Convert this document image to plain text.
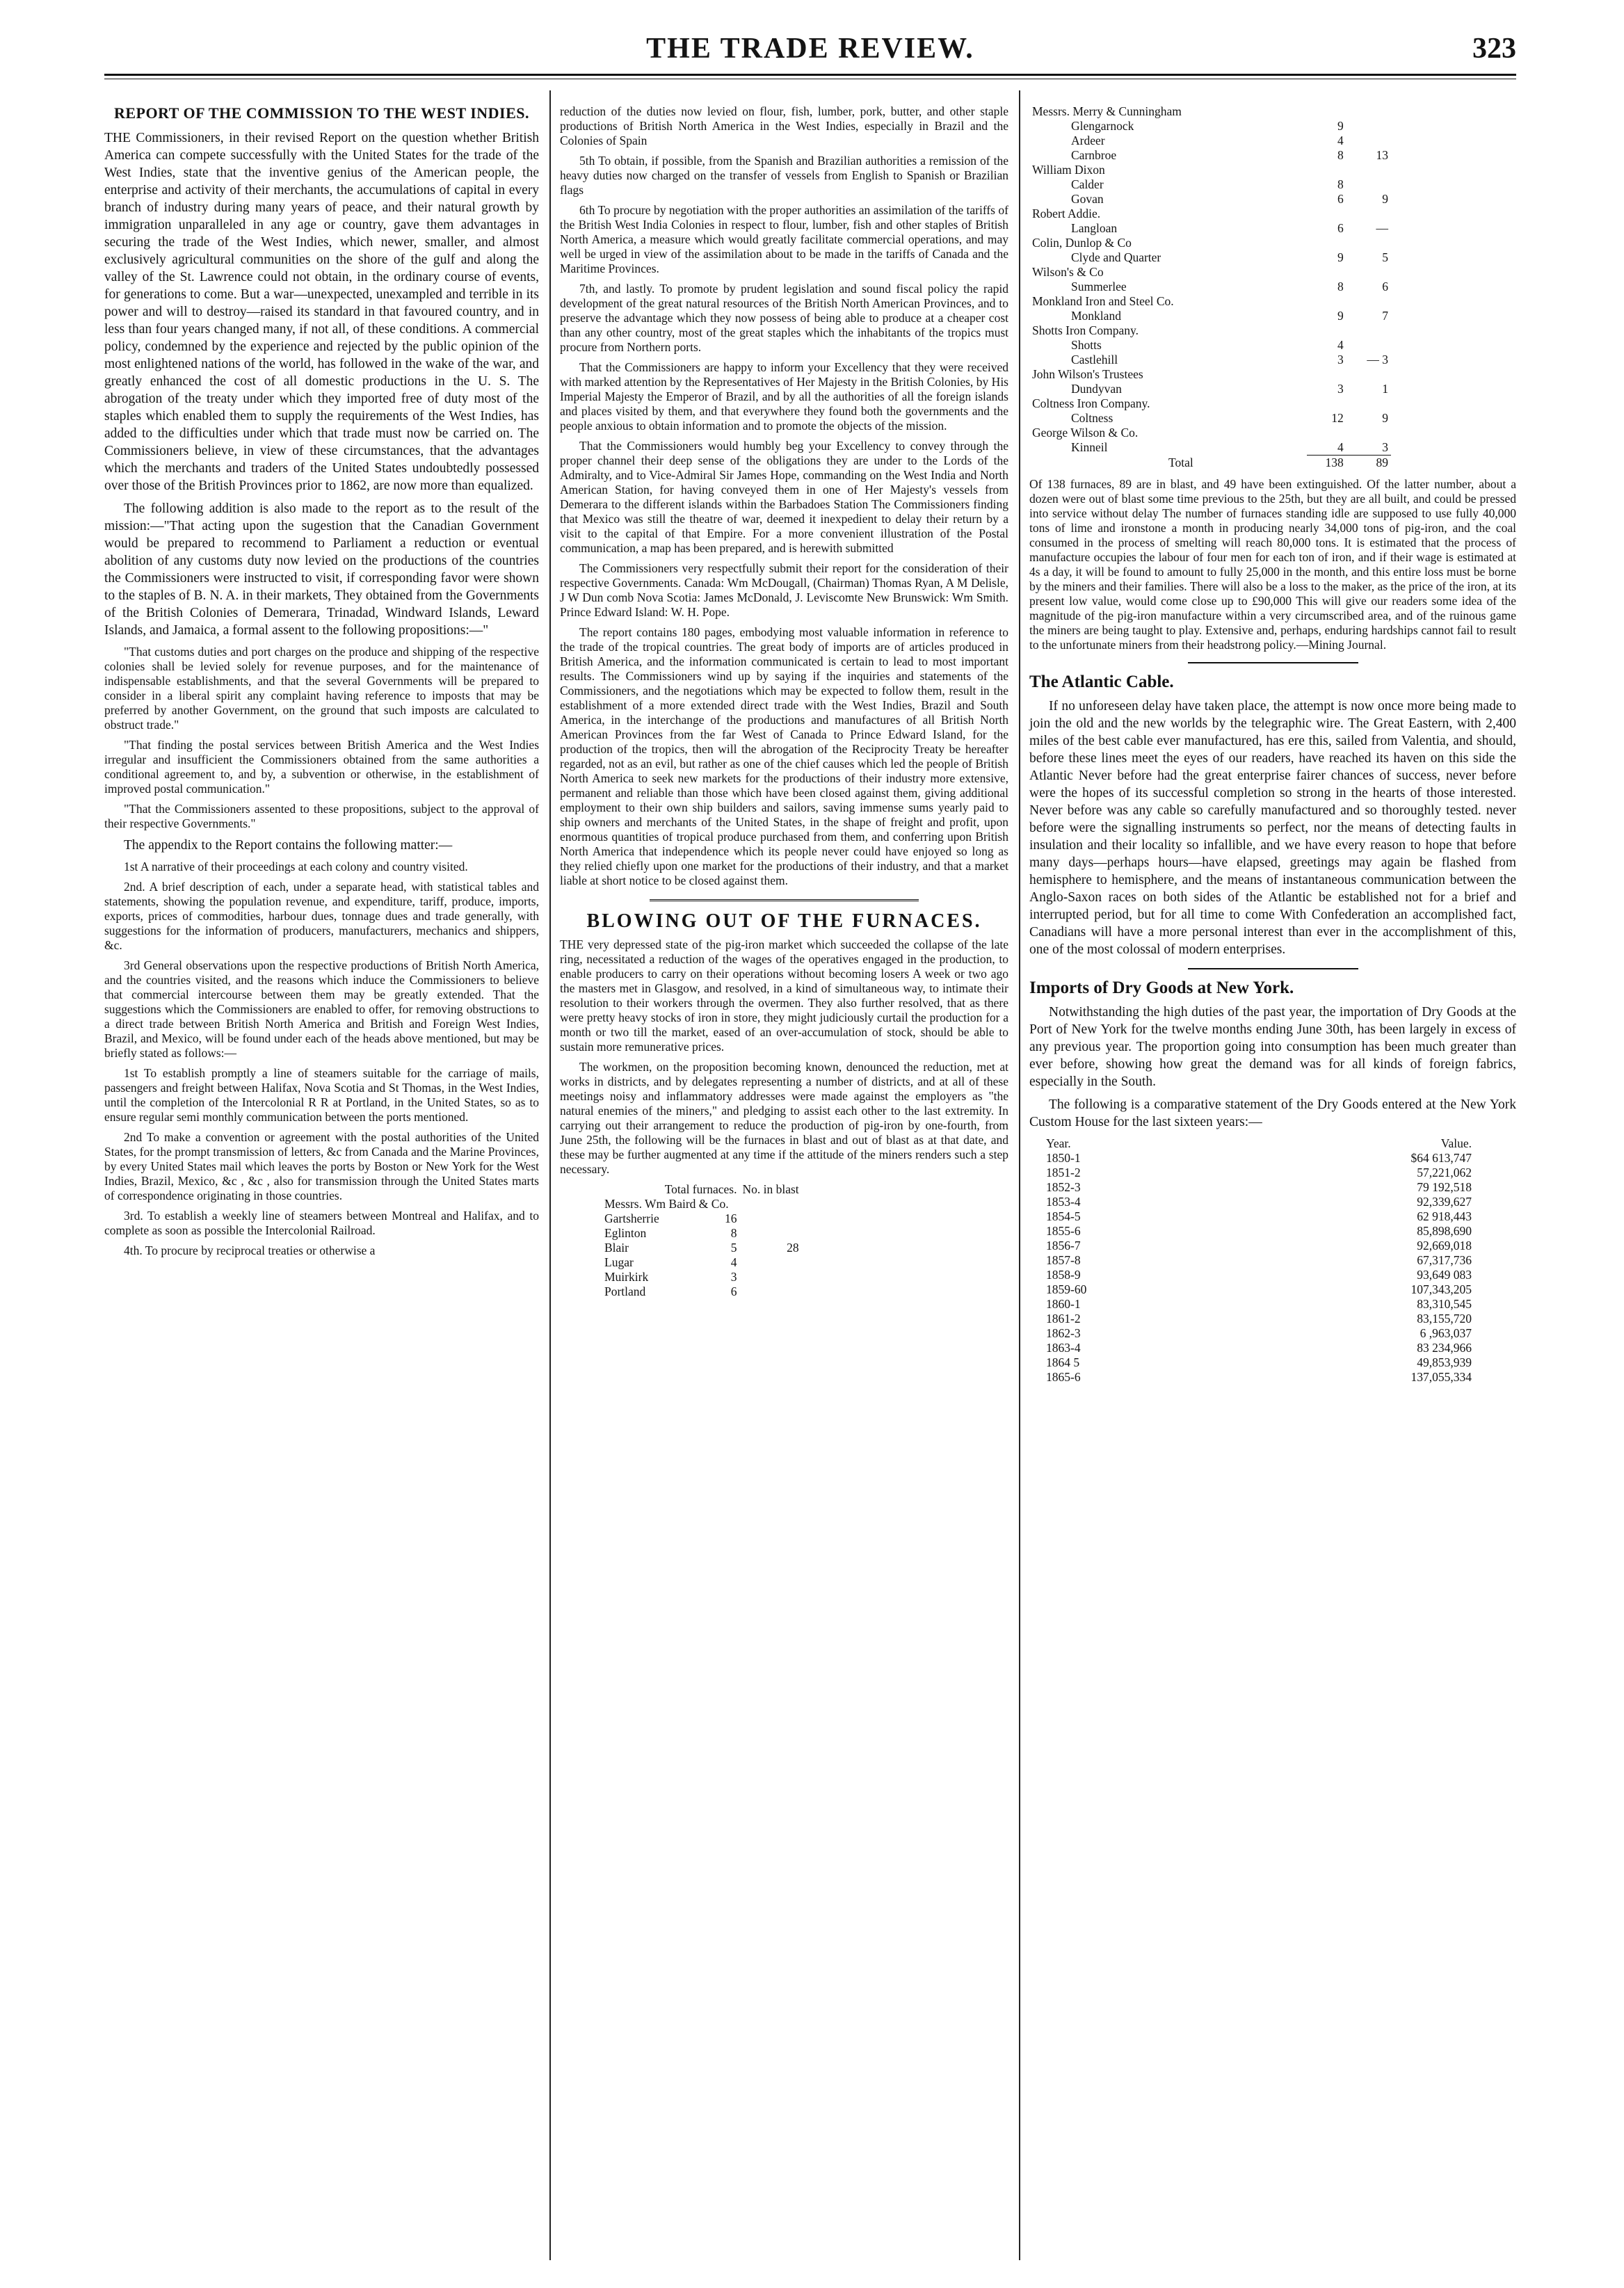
THE TRADE REVIEW.	323
REPORT OF THE COMMISSION TO THE WEST INDIES.

THE Commissioners, in their revised Report on the question whether British America can compete successfully with the United States for the trade of the West Indies, state that the inventive genius of the American people, the enterprise and activity of their merchants, the accumulations of capital in every branch of industry during many years of peace, and their natural growth by immigration unparalleled in any age or country, gave them advantages in securing the trade of the West Indies, which newer, smaller, and almost exclusively agricultural communities on the shore of the gulf and along the valley of the St. Lawrence could not obtain, in the ordinary course of events, for generations to come. But a war—unexpected, unexampled and terrible in its power and will to destroy—raised its standard in that favoured country, and in less than four years changed many, if not all, of these conditions. A commercial policy, condemned by the experience and rejected by the public opinion of the most enlightened nations of the world, has followed in the wake of the war, and greatly enhanced the cost of all domestic productions in the U. S. The abrogation of the treaty under which they imported free of duty most of the staples which enabled them to supply the requirements of the West Indies, has added to the difficulties under which that trade must now be carried on. The Commissioners believe, in view of these circumstances, that the advantages which the merchants and traders of the United States undoubtedly possessed over those of the British Provinces prior to 1862, are now more than equalized.

The following addition is also made to the report as to the result of the mission:—"That acting upon the sugestion that the Canadian Government would be prepared to recommend to Parliament a reduction or eventual abolition of any customs duty now levied on the productions of the countries the Commissioners were instructed to visit, if corresponding favor were shown to the staples of B. N. A. in their markets, They obtained from the Governments of the British Colonies of Demerara, Trinadad, Windward Islands, Leward Islands, and Jamaica, a formal assent to the following propositions:—"

"That customs duties and port charges on the produce and shipping of the respective colonies shall be levied solely for revenue purposes, and for the maintenance of indispensable establishments, and that the several Governments will be prepared to consider in a liberal spirit any complaint having reference to imposts that may be preferred by another Government, on the ground that such imposts are calculated to obstruct trade."

"That finding the postal services between British America and the West Indies irregular and insufficient the Commissioners obtained from the same authorities a conditional agreement to, and by, a subvention or otherwise, in the establishment of improved postal communication."

"That the Commissioners assented to these propositions, subject to the approval of their respective Governments."

The appendix to the Report contains the following matter:—

1st A narrative of their proceedings at each colony and country visited.

2nd. A brief description of each, under a separate head, with statistical tables and statements, showing the population revenue, and expenditure, tariff, produce, imports, exports, prices of commodities, harbour dues, tonnage dues and trade generally, with suggestions for the information of producers, manufacturers, mechanics and shippers, &c.

3rd General observations upon the respective productions of British North America, and the countries visited, and the reasons which induce the Commissioners to believe that commercial intercourse between them may be greatly extended. That the suggestions which the Commissioners are enabled to offer, for removing obstructions to a direct trade between British North America and British and Foreign West Indies, Brazil, and Mexico, will be found under each of the heads above mentioned, but may be briefly stated as follows:—

1st To establish promptly a line of steamers suitable for the carriage of mails, passengers and freight between Halifax, Nova Scotia and St Thomas, in the West Indies, until the completion of the Intercolonial R R at Portland, in the United States, so as to ensure regular semi monthly communication between the ports mentioned.

2nd To make a convention or agreement with the postal authorities of the United States, for the prompt transmission of letters, &c from Canada and the Marine Provinces, by every United States mail which leaves the ports by Boston or New York for the West Indies, Brazil, Mexico, &c , &c , also for transmission through the United States marts of correspondence originating in those countries.

3rd. To establish a weekly line of steamers between Montreal and Halifax, and to complete as soon as possible the Intercolonial Railroad.

4th. To procure by reciprocal treaties or otherwise a

reduction of the duties now levied on flour, fish, lumber, pork, butter, and other staple productions of British North America in the West Indies, especially in Brazil and the Colonies of Spain

5th To obtain, if possible, from the Spanish and Brazilian authorities a remission of the heavy duties now charged on the transfer of vessels from English to Spanish or Brazilian flags

6th To procure by negotiation with the proper authorities an assimilation of the tariffs of the British West India Colonies in respect to flour, lumber, fish and other staples of British North America, a measure which would greatly facilitate commercial operations, and may well be urged in view of the assimilation about to be made in the tariffs of Canada and the Maritime Provinces.

7th, and lastly. To promote by prudent legislation and sound fiscal policy the rapid development of the great natural resources of the British North American Provinces, and to preserve the advantage which they now possess of being able to produce at a cheaper cost than any other country, most of the great staples which the inhabitants of the tropics must procure from Northern ports.

That the Commissioners are happy to inform your Excellency that they were received with marked attention by the Representatives of Her Majesty in the British Colonies, by His Imperial Majesty the Emperor of Brazil, and by all the authorities of all the foreign islands and places visited by them, and that everywhere they found both the governments and the people anxious to obtain information and to promote the objects of the mission.

That the Commissioners would humbly beg your Excellency to convey through the proper channel their deep sense of the obligations they are under to the Lords of the Admiralty, and to Vice-Admiral Sir James Hope, commanding on the West India and North American Station, for having conveyed them in one of Her Majesty's vessels from Demerara to the different islands within the Barbadoes Station The Commissioners finding that Mexico was still the theatre of war, deemed it inexpedient to delay their return by a visit to the capital of that Empire. For a more convenient illustration of the Postal communication, a map has been prepared, and is herewith submitted

The Commissioners very respectfully submit their report for the consideration of their respective Governments. Canada: Wm McDougall, (Chairman) Thomas Ryan, A M Delisle, J W Dun comb Nova Scotia: James McDonald, J. Leviscomte New Brunswick: Wm Smith. Prince Edward Island: W. H. Pope.

The report contains 180 pages, embodying most valuable information in reference to the trade of the tropical countries. The great body of imports are of articles produced in British America, and the information communicated is certain to lead to most important results. The Commissioners wind up by saying if the inquiries and statements of the Commissioners, and the negotiations which may be expected to follow them, result in the establishment of a more extended direct trade with the West Indies, Brazil and South America, in the interchange of the productions and manufactures of all British North American Provinces from the far West of Canada to Prince Edward Island, for the production of the tropics, then will the abrogation of the Reciprocity Treaty be hereafter regarded, not as an evil, but rather as one of the chief causes which led the people of British North America to seek new markets for the productions of their industry more extensive, permanent and reliable than those which have been closed against them, giving additional employment to their own ship builders and sailors, saving immense sums yearly paid to ship owners and merchants of the United States, in the shape of freight and profit, upon enormous quantities of tropical produce purchased from them, and conferring upon British North America that independence which its people never could have enjoyed so long as they relied chiefly upon one market for the productions of their industry, and that a market liable at short notice to be closed against them.

BLOWING OUT OF THE FURNACES.

THE very depressed state of the pig-iron market which succeeded the collapse of the late ring, necessitated a reduction of the wages of the operatives engaged in the production, to enable producers to carry on their operations without becoming losers A week or two ago the masters met in Glasgow, and resolved, in a kind of simultaneous way, to intimate their resolution to their workers through the overmen. They also further resolved, that as there were pretty heavy stocks of iron in store, they might judiciously curtail the production for a month or two till the market, eased of an over-accumulation of stock, should be able to sustain more remunerative prices.

The workmen, on the proposition becoming known, denounced the reduction, met at works in districts, and by delegates representing a number of districts, and at all of these meetings noisy and inflammatory addresses were made against the employers as "the natural enemies of the miners," and pledging to assist each other to the last extremity. In carrying out their arrangement to reduce the production of pig-iron by one-fourth, from June 25th, the following will be the furnaces in blast and out of blast as at that date, and these may be further augmented at any time if the attitude of the miners renders such a step necessary.

	Total furnaces.	No. in blast
Messrs. Wm Baird & Co.		
Gartsherrie	16	
Eglinton	8	
Blair	5	28
Lugar	4	
Muirkirk	3	
Portland	6	
Messrs. Merry & Cunningham		
Glengarnock	9	
Ardeer	4	
Carnbroe	8	13
William Dixon		
Calder	8	
Govan	6	9
Robert Addie.		
Langloan	6	—
Colin, Dunlop & Co		
Clyde and Quarter	9	5
Wilson's & Co		
Summerlee	8	6
Monkland Iron and Steel Co.		
Monkland	9	7
Shotts Iron Company.		
Shotts	4	
Castlehill	3	— 3
John Wilson's Trustees		
Dundyvan	3	1
Coltness Iron Company.		
Coltness	12	9
George Wilson & Co.		
Kinneil	4	3
Total	138	89

Of 138 furnaces, 89 are in blast, and 49 have been extinguished. Of the latter number, about a dozen were out of blast some time previous to the 25th, but they are all built, and could be pressed into service without delay The number of furnaces standing idle are supposed to use fully 40,000 tons of lime and ironstone a month in producing nearly 34,000 tons of pig-iron, and the coal consumed in the process of smelting will reach 80,000 tons. It is estimated that the process of manufacture occupies the labour of four men for each ton of iron, and if their wage is estimated at 4s a day, it will be found to amount to fully 25,000 in the month, and this entire loss must be borne by the miners and their families. There will also be a loss to the maker, as the price of the iron, at its present low value, would come close up to £90,000 This will give our readers some idea of the magnitude of the pig-iron manufacture within a very circumscribed area, and of the ruinous game the miners are being taught to play. Extensive and, perhaps, enduring hardships cannot fail to result to the unfortunate miners from their headstrong policy.—Mining Journal.

The Atlantic Cable.

If no unforeseen delay have taken place, the attempt is now once more being made to join the old and the new worlds by the telegraphic wire. The Great Eastern, with 2,400 miles of the best cable ever manufactured, has ere this, sailed from Valentia, and should, before these lines meet the eyes of our readers, have reached its haven on this side the Atlantic Never before had the great enterprise fairer chances of success, never before were the hopes of its successful completion so strong in the hearts of those interested. Never before was any cable so carefully manufactured and so thoroughly tested. never before were the signalling instruments so perfect, nor the means of detecting faults in insulation and their locality so infallible, and we have every reason to hope that before many days—perhaps hours—have elapsed, greetings may again be flashed from hemisphere to hemisphere, and the means of instantaneous communication between the Anglo-Saxon races on both sides of the Atlantic be established not for a brief and interrupted period, but for all time to come With Confederation an accomplished fact, Canadians will have a more personal interest than ever in the accomplishment of this, one of the most colossal of modern enterprises.

Imports of Dry Goods at New York.

Notwithstanding the high duties of the past year, the importation of Dry Goods at the Port of New York for the twelve months ending June 30th, has been largely in excess of any previous year. The proportion going into consumption has been much greater than ever before, showing how great the demand was for all kinds of foreign fabrics, especially in the South.

The following is a comparative statement of the Dry Goods entered at the New York Custom House for the last sixteen years:—

Year.	Value.
1850-1	$64 613,747
1851-2	57,221,062
1852-3	79 192,518
1853-4	92,339,627
1854-5	62 918,443
1855-6	85,898,690
1856-7	92,669,018
1857-8	67,317,736
1858-9	93,649 083
1859-60	107,343,205
1860-1	83,310,545
1861-2	83,155,720
1862-3	6 ,963,037
1863-4	83 234,966
1864 5	49,853,939
1865-6	137,055,334
